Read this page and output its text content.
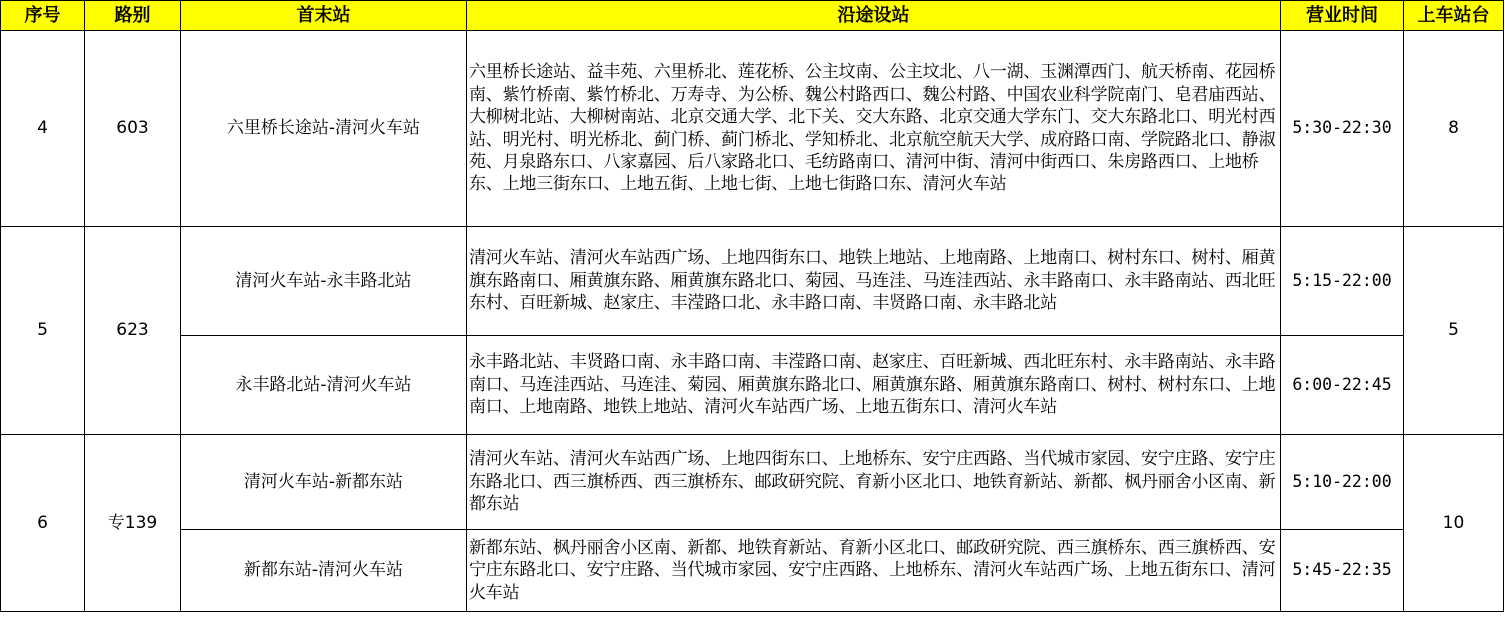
序号	路别	首末站	沿途设站	营业时间	上车站台
4	603	六里桥长途站-清河火车站	六里桥长途站、益丰苑、六里桥北、莲花桥、公主坟南、公主坟北、八一湖、玉渊潭西门、航天桥南、花园桥南、紫竹桥南、紫竹桥北、万寿寺、为公桥、魏公村路西口、魏公村路、中国农业科学院南门、皂君庙西站、大柳树北站、大柳树南站、北京交通大学、北下关、交大东路、北京交通大学东门、交大东路北口、明光村西站、明光村、明光桥北、蓟门桥、蓟门桥北、学知桥北、北京航空航天大学、成府路口南、学院路北口、静淑苑、月泉路东口、八家嘉园、后八家路北口、毛纺路南口、清河中街、清河中街西口、朱房路西口、上地桥东、上地三街东口、上地五街、上地七街、上地七街路口东、清河火车站	5:30-22:30	8
5	623	清河火车站-永丰路北站	清河火车站、清河火车站西广场、上地四街东口、地铁上地站、上地南路、上地南口、树村东口、树村、厢黄旗东路南口、厢黄旗东路、厢黄旗东路北口、菊园、马连洼、马连洼西站、永丰路南口、永丰路南站、西北旺东村、百旺新城、赵家庄、丰滢路口北、永丰路口南、丰贤路口南、永丰路北站	5:15-22:00	5
		永丰路北站-清河火车站	永丰路北站、丰贤路口南、永丰路口南、丰滢路口南、赵家庄、百旺新城、西北旺东村、永丰路南站、永丰路南口、马连洼西站、马连洼、菊园、厢黄旗东路北口、厢黄旗东路、厢黄旗东路南口、树村、树村东口、上地南口、上地南路、地铁上地站、清河火车站西广场、上地五街东口、清河火车站	6:00-22:45	
6	专139	清河火车站-新都东站	清河火车站、清河火车站西广场、上地四街东口、上地桥东、安宁庄西路、当代城市家园、安宁庄路、安宁庄东路北口、西三旗桥西、西三旗桥东、邮政研究院、育新小区北口、地铁育新站、新都、枫丹丽舍小区南、新都东站	5:10-22:00	10
		新都东站-清河火车站	新都东站、枫丹丽舍小区南、新都、地铁育新站、育新小区北口、邮政研究院、西三旗桥东、西三旗桥西、安宁庄东路北口、安宁庄路、当代城市家园、安宁庄西路、上地桥东、清河火车站西广场、上地五街东口、清河火车站	5:45-22:35	
